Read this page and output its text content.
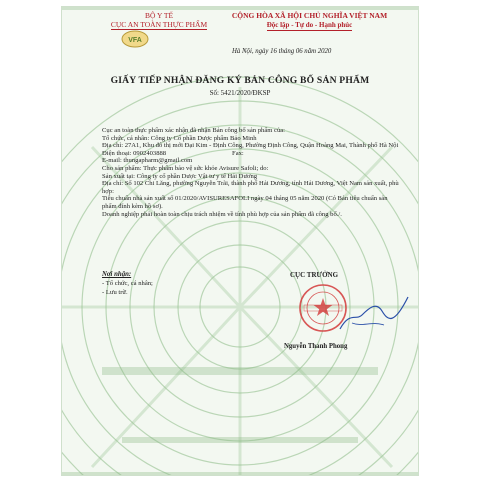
BỘ Y TẾ
CỤC AN TOÀN THỰC PHẨM
VFA
CỘNG HÒA XÃ HỘI CHỦ NGHĨA VIỆT NAM
Độc lập - Tự do - Hạnh phúc
Hà Nội, ngày 16 tháng 06 năm 2020
GIẤY TIẾP NHẬN ĐĂNG KÝ BẢN CÔNG BỐ SẢN PHẨM
Số: 5421/2020/ĐKSP

Cục an toàn thực phẩm xác nhận đã nhận Bản công bố sản phẩm của:

Tổ chức, cá nhân: Công ty Cổ phần Dược phẩm Bảo Minh

Địa chỉ: 27A1, Khu đô thị mới Đại Kim - Định Công, Phường Định Công, Quận Hoàng Mai, Thành phố Hà Nội

Điện thoại: 0902403888                                        Fax:

E-mail: thungapharm@gmail.com

Cho sản phẩm: Thực phẩm bảo vệ sức khỏe Avisure Safoli; do:

Sản xuất tại: Công ty cổ phần Dược Vật tư y tế Hải Dương

Địa chỉ: Số 102 Chi Lăng, phường Nguyễn Trãi, thành phố Hải Dương, tỉnh Hải Dương, Việt Nam sản xuất, phù hợp:

Tiêu chuẩn nhà sản xuất số 01/2020/AVISURESAFOLI ngày 04 tháng 05 năm 2020 (Có Bản tiêu chuẩn sản phẩm đính kèm hồ sơ).

Doanh nghiệp phải hoàn toàn chịu trách nhiệm về tính phù hợp của sản phẩm đã công bố./.

Nơi nhận:
- Tổ chức, cá nhân;
- Lưu trữ.
CỤC TRƯỞNG
Nguyễn Thanh Phong
